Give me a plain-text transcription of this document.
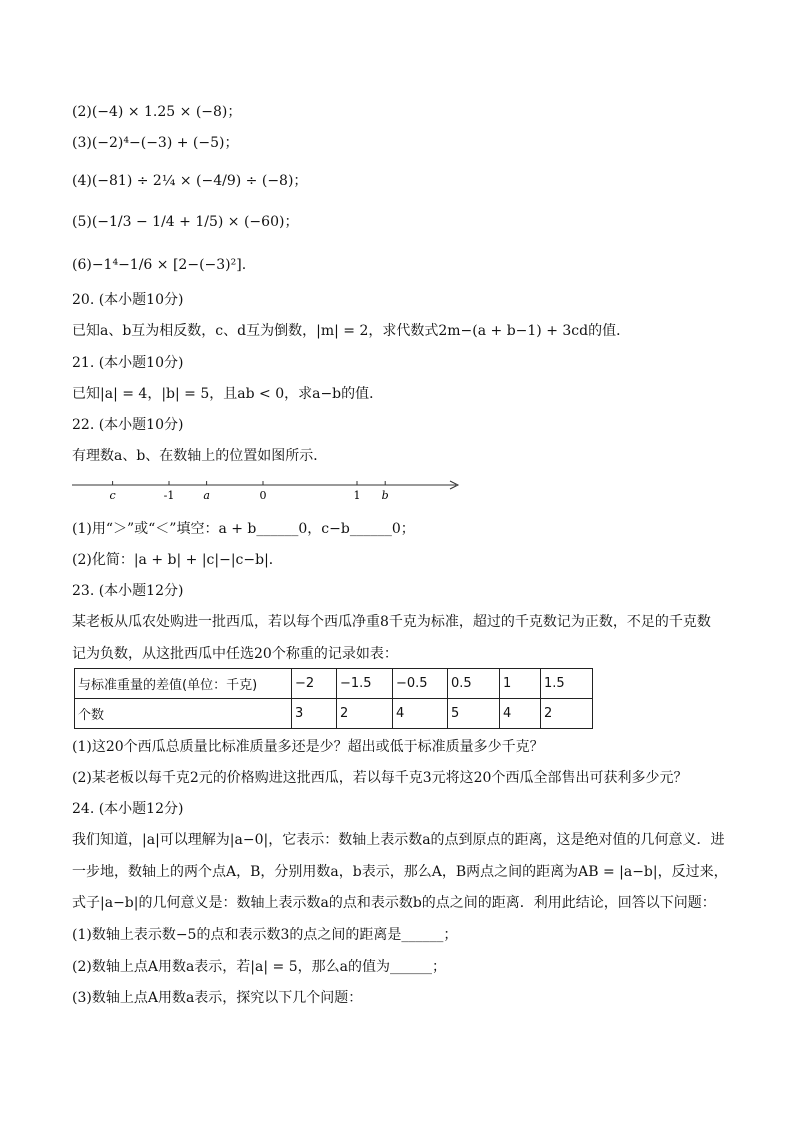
(2)(−4) × 1.25 × (−8)；
(3)(−2)⁴−(−3) + (−5)；
(4)(−81) ÷ 2¼ × (−4/9) ÷ (−8)；
(5)(−1/3 − 1/4 + 1/5) × (−60)；
(6)−1⁴−1/6 × [2−(−3)²].
20. (本小题10分)
已知a、b互为相反数，c、d互为倒数，|m| = 2，求代数式2m−(a + b−1) + 3cd的值．
21. (本小题10分)
已知|a| = 4，|b| = 5，且ab < 0，求a−b的值．
22. (本小题10分)
有理数a、b、在数轴上的位置如图所示．
(1)用“＞”或“＜”填空：a + b______0，c−b______0；
(2)化简：|a + b| + |c|−|c−b|．
23. (本小题12分)
某老板从瓜农处购进一批西瓜，若以每个西瓜净重8千克为标准，超过的千克数记为正数，不足的千克数
记为负数，从这批西瓜中任选20个称重的记录如表：
(1)这20个西瓜总质量比标准质量多还是少？超出或低于标准质量多少千克？
(2)某老板以每千克2元的价格购进这批西瓜，若以每千克3元将这20个西瓜全部售出可获利多少元？
24. (本小题12分)
我们知道，|a|可以理解为|a−0|，它表示：数轴上表示数a的点到原点的距离，这是绝对值的几何意义．进
一步地，数轴上的两个点A，B，分别用数a，b表示，那么A，B两点之间的距离为AB = |a−b|，反过来，
式子|a−b|的几何意义是：数轴上表示数a的点和表示数b的点之间的距离．利用此结论，回答以下问题：
(1)数轴上表示数−5的点和表示数3的点之间的距离是______；
(2)数轴上点A用数a表示，若|a| = 5，那么a的值为______；
(3)数轴上点A用数a表示，探究以下几个问题：
c	-1	a	0	1 b
与标准重量的差值(单位：千克)	−2	−1.5	−0.5	0.5	1	1.5
个数	3	2	4	5	4	2
